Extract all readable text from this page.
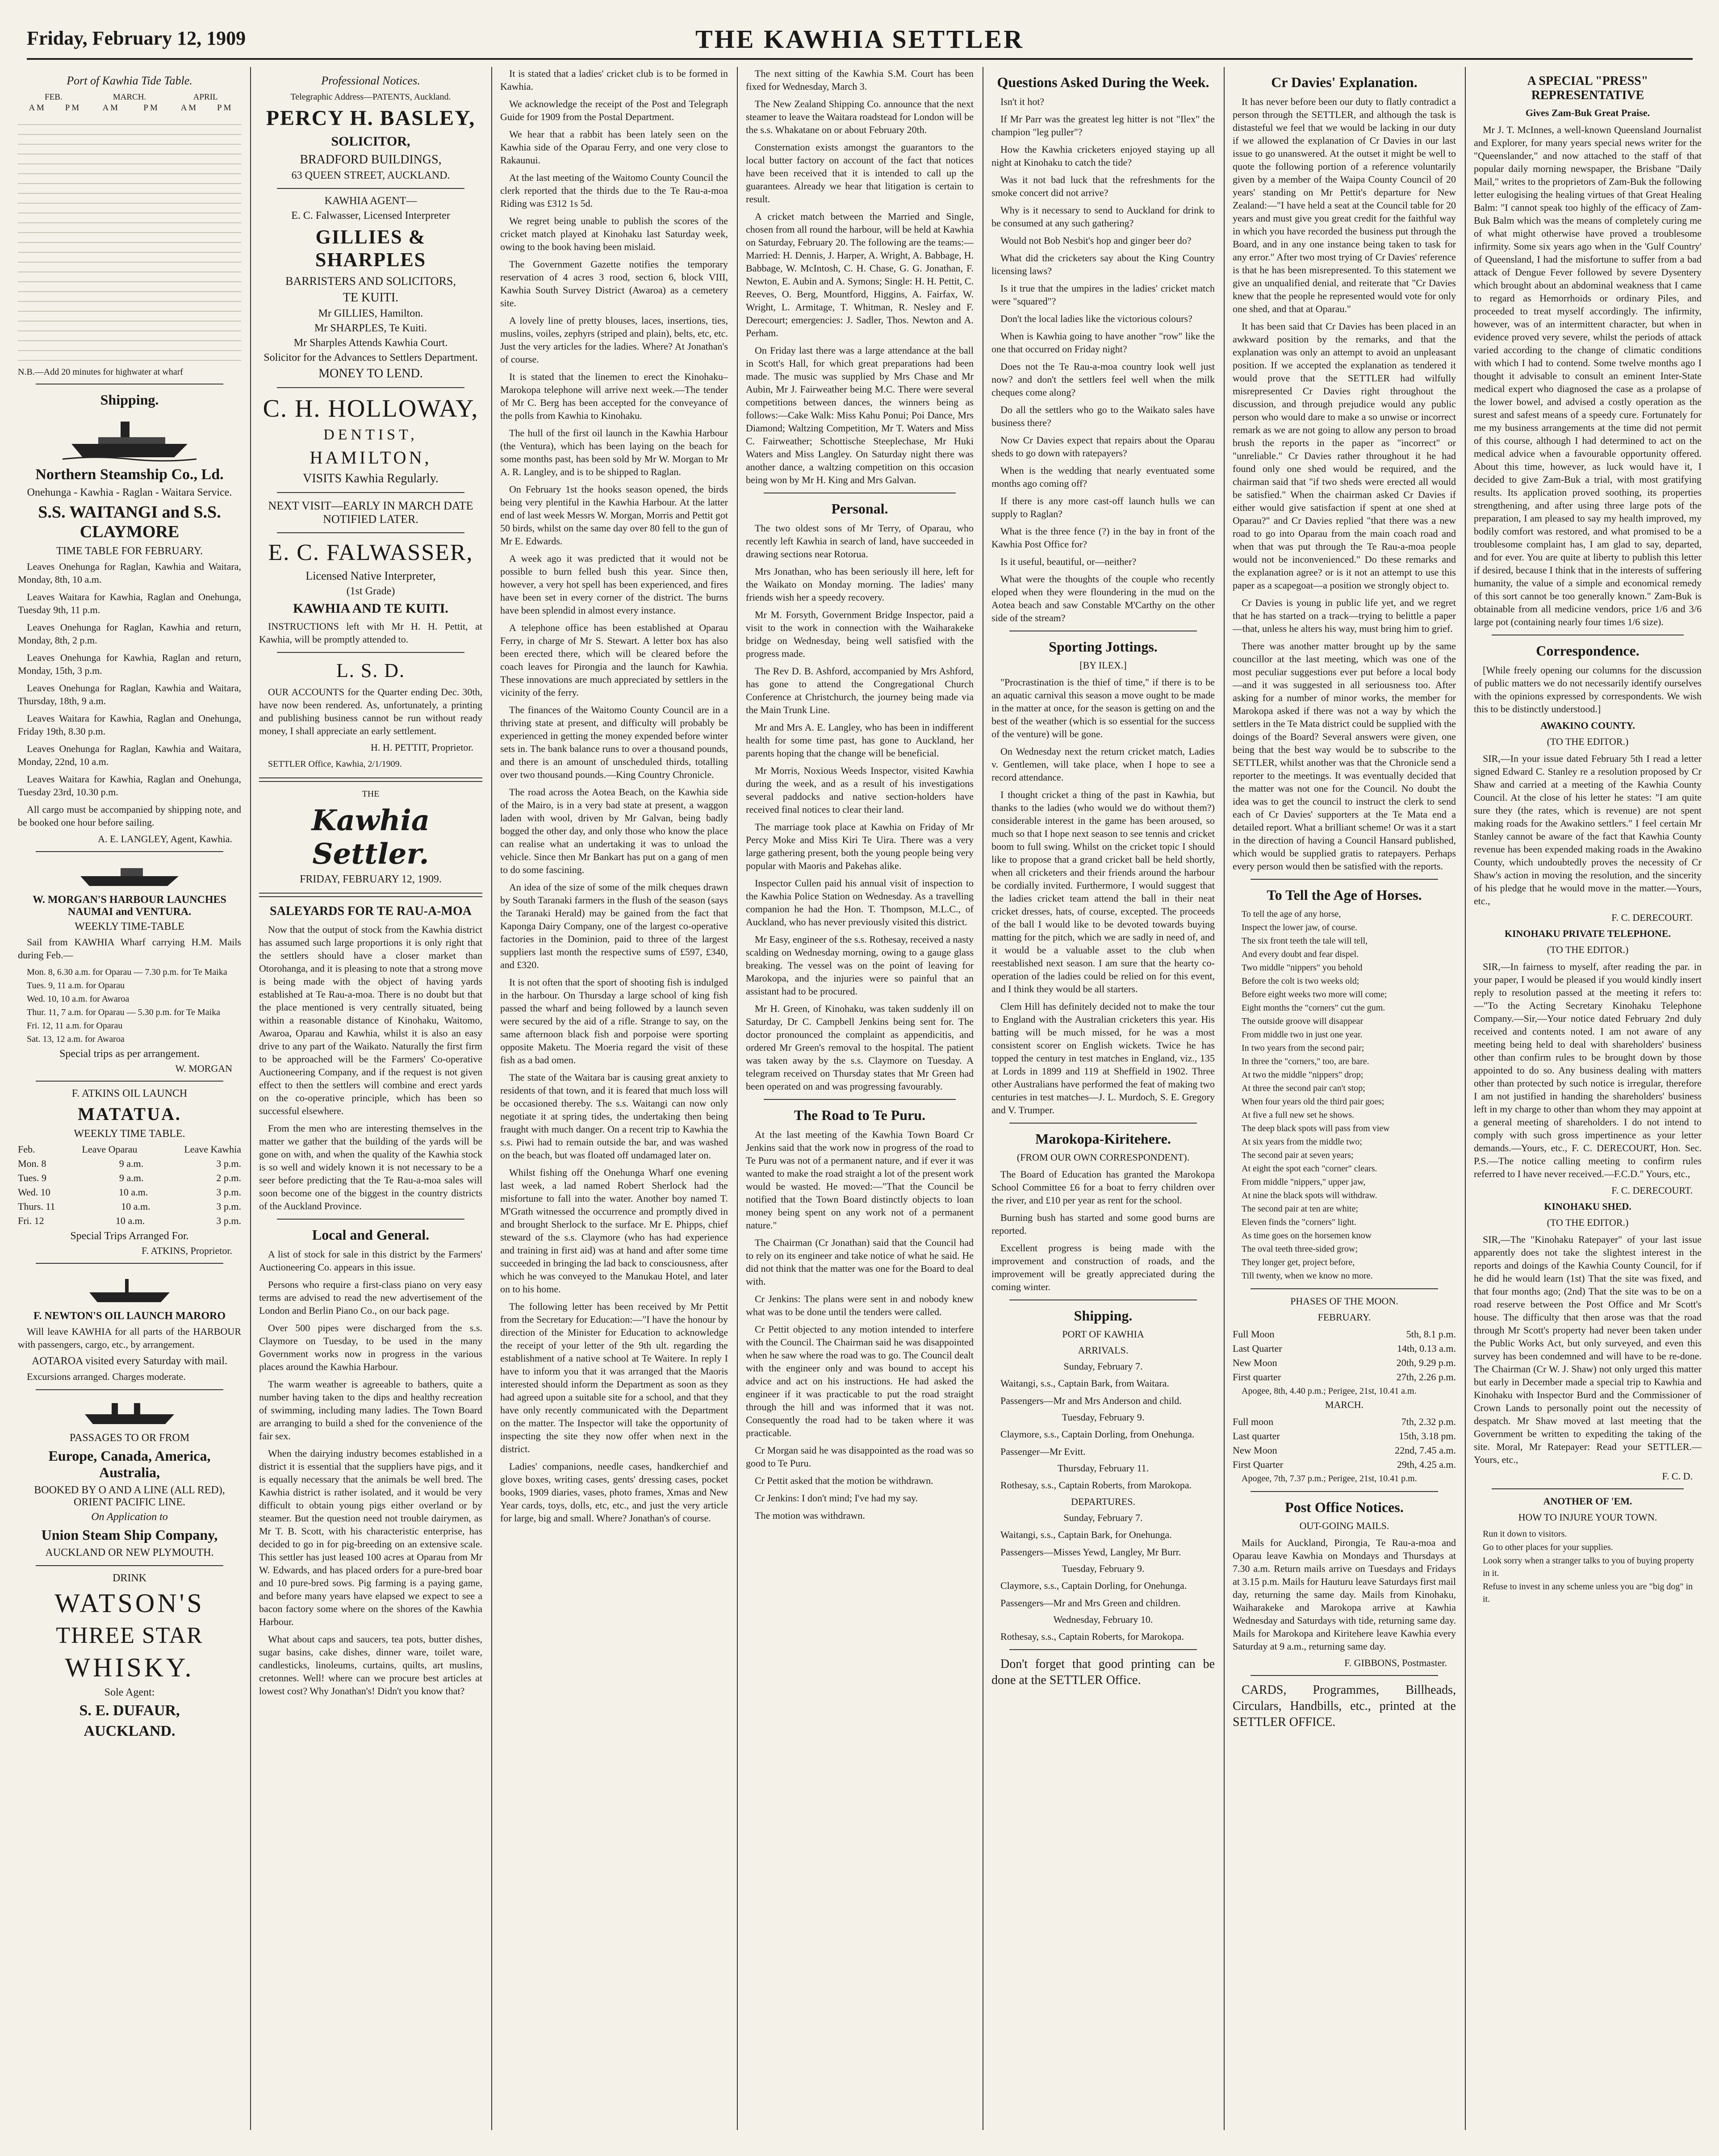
Friday, February 12, 1909	THE KAWHIA SETTLER
Port of Kawhia Tide Table.
FEB.		MARCH.		APRIL	
	A M	P M	A M	P M	A M	P M
N.B.—Add 20 minutes for highwater at wharf
Shipping.
Northern Steamship Co., Ld.
Onehunga - Kawhia - Raglan - Waitara Service.
S.S. WAITANGI and S.S. CLAYMORE
TIME TABLE FOR FEBRUARY.

Leaves Onehunga for Raglan, Kawhia and Waitara, Monday, 8th, 10 a.m.

Leaves Waitara for Kawhia, Raglan and Onehunga, Tuesday 9th, 11 p.m.

Leaves Onehunga for Raglan, Kawhia and return, Monday, 8th, 2 p.m.

Leaves Onehunga for Kawhia, Raglan and return, Monday, 15th, 3 p.m.

Leaves Onehunga for Raglan, Kawhia and Waitara, Thursday, 18th, 9 a.m.

Leaves Waitara for Kawhia, Raglan and Onehunga, Friday 19th, 8.30 p.m.

Leaves Onehunga for Raglan, Kawhia and Waitara, Monday, 22nd, 10 a.m.

Leaves Waitara for Kawhia, Raglan and Onehunga, Tuesday 23rd, 10.30 p.m.

All cargo must be accompanied by shipping note, and be booked one hour before sailing.

A. E. LANGLEY, Agent, Kawhia.
W. MORGAN'S HARBOUR LAUNCHES NAUMAI and VENTURA.
WEEKLY TIME-TABLE

Sail from KAWHIA Wharf carrying H.M. Mails during Feb.—

Mon. 8, 6.30 a.m. for Oparau — 7.30 p.m. for Te Maika
Tues. 9, 11 a.m. for Oparau
Wed. 10, 10 a.m. for Awaroa
Thur. 11, 7 a.m. for Oparau — 5.30 p.m. for Te Maika
Fri. 12, 11 a.m. for Oparau
Sat. 13, 12 a.m. for Awaroa
Special trips as per arrangement.
W. MORGAN
F. ATKINS OIL LAUNCH
MATATUA.
WEEKLY TIME TABLE.
Feb.	Leave Oparau	Leave Kawhia
Mon. 8	9 a.m.	3 p.m.
Tues. 9	9 a.m.	2 p.m.
Wed. 10	10 a.m.	3 p.m.
Thurs. 11	10 a.m.	3 p.m.
Fri. 12	10 a.m.	3 p.m.
Special Trips Arranged For.
F. ATKINS, Proprietor.
F. NEWTON'S OIL LAUNCH MARORO

Will leave KAWHIA for all parts of the HARBOUR with passengers, cargo, etc., by arrangement.

AOTAROA visited every Saturday with mail.

Excursions arranged. Charges moderate.

PASSAGES TO OR FROM
Europe, Canada, America, Australia,
BOOKED BY O AND A LINE (ALL RED), ORIENT PACIFIC LINE.
On Application to
Union Steam Ship Company,
AUCKLAND OR NEW PLYMOUTH.
DRINK
WATSON'S
THREE STAR
WHISKY.
Sole Agent:
S. E. DUFAUR,
AUCKLAND.
Professional Notices.
Telegraphic Address—PATENTS, Auckland.
PERCY H. BASLEY,
SOLICITOR,
BRADFORD BUILDINGS,
63 QUEEN STREET, AUCKLAND.
KAWHIA AGENT—
E. C. Falwasser, Licensed Interpreter
GILLIES & SHARPLES
BARRISTERS AND SOLICITORS,
TE KUITI.
Mr GILLIES, Hamilton.
Mr SHARPLES, Te Kuiti.
Mr Sharples Attends Kawhia Court.
Solicitor for the Advances to Settlers Department.
MONEY TO LEND.
C. H. HOLLOWAY,
DENTIST,
HAMILTON,
VISITS Kawhia Regularly.
NEXT VISIT—EARLY IN MARCH DATE NOTIFIED LATER.
E. C. FALWASSER,
Licensed Native Interpreter,
(1st Grade)
KAWHIA AND TE KUITI.

INSTRUCTIONS left with Mr H. H. Pettit, at Kawhia, will be promptly attended to.

L. S. D.

OUR ACCOUNTS for the Quarter ending Dec. 30th, have now been rendered. As, unfortunately, a printing and publishing business cannot be run without ready money, I shall appreciate an early settlement.

H. H. PETTIT, Proprietor.
SETTLER Office, Kawhia, 2/1/1909.
THE
Kawhia Settler.
FRIDAY, FEBRUARY 12, 1909.
SALEYARDS FOR TE RAU-A-MOA

Now that the output of stock from the Kawhia district has assumed such large proportions it is only right that the settlers should have a closer market than Otorohanga, and it is pleasing to note that a strong move is being made with the object of having yards established at Te Rau-a-moa. There is no doubt but that the place mentioned is very centrally situated, being within a reasonable distance of Kinohaku, Waitomo, Awaroa, Oparau and Kawhia, whilst it is also an easy drive to any part of the Waikato. Naturally the first firm to be approached will be the Farmers' Co-operative Auctioneering Company, and if the request is not given effect to then the settlers will combine and erect yards on the co-operative principle, which has been so successful elsewhere.

From the men who are interesting themselves in the matter we gather that the building of the yards will be gone on with, and when the quality of the Kawhia stock is so well and widely known it is not necessary to be a seer before predicting that the Te Rau-a-moa sales will soon become one of the biggest in the country districts of the Auckland Province.

Local and General.

A list of stock for sale in this district by the Farmers' Auctioneering Co. appears in this issue.

Persons who require a first-class piano on very easy terms are advised to read the new advertisement of the London and Berlin Piano Co., on our back page.

Over 500 pipes were discharged from the s.s. Claymore on Tuesday, to be used in the many Government works now in progress in the various places around the Kawhia Harbour.

The warm weather is agreeable to bathers, quite a number having taken to the dips and healthy recreation of swimming, including many ladies. The Town Board are arranging to build a shed for the convenience of the fair sex.

When the dairying industry becomes established in a district it is essential that the suppliers have pigs, and it is equally necessary that the animals be well bred. The Kawhia district is rather isolated, and it would be very difficult to obtain young pigs either overland or by steamer. But the question need not trouble dairymen, as Mr T. B. Scott, with his characteristic enterprise, has decided to go in for pig-breeding on an extensive scale. This settler has just leased 100 acres at Oparau from Mr W. Edwards, and has placed orders for a pure-bred boar and 10 pure-bred sows. Pig farming is a paying game, and before many years have elapsed we expect to see a bacon factory some where on the shores of the Kawhia Harbour.

What about caps and saucers, tea pots, butter dishes, sugar basins, cake dishes, dinner ware, toilet ware, candlesticks, linoleums, curtains, quilts, art muslins, cretonnes. Well! where can we procure best articles at lowest cost? Why Jonathan's! Didn't you know that?

It is stated that a ladies' cricket club is to be formed in Kawhia.

We acknowledge the receipt of the Post and Telegraph Guide for 1909 from the Postal Department.

We hear that a rabbit has been lately seen on the Kawhia side of the Oparau Ferry, and one very close to Rakaunui.

At the last meeting of the Waitomo County Council the clerk reported that the thirds due to the Te Rau-a-moa Riding was £312 1s 5d.

We regret being unable to publish the scores of the cricket match played at Kinohaku last Saturday week, owing to the book having been mislaid.

The Government Gazette notifies the temporary reservation of 4 acres 3 rood, section 6, block VIII, Kawhia South Survey District (Awaroa) as a cemetery site.

A lovely line of pretty blouses, laces, insertions, ties, muslins, voiles, zephyrs (striped and plain), belts, etc, etc. Just the very articles for the ladies. Where? At Jonathan's of course.

It is stated that the linemen to erect the Kinohaku–Marokopa telephone will arrive next week.—The tender of Mr C. Berg has been accepted for the conveyance of the polls from Kawhia to Kinohaku.

The hull of the first oil launch in the Kawhia Harbour (the Ventura), which has been laying on the beach for some months past, has been sold by Mr W. Morgan to Mr A. R. Langley, and is to be shipped to Raglan.

On February 1st the hooks season opened, the birds being very plentiful in the Kawhia Harbour. At the latter end of last week Messrs W. Morgan, Morris and Pettit got 50 birds, whilst on the same day over 80 fell to the gun of Mr E. Edwards.

A week ago it was predicted that it would not be possible to burn felled bush this year. Since then, however, a very hot spell has been experienced, and fires have been set in every corner of the district. The burns have been splendid in almost every instance.

A telephone office has been established at Oparau Ferry, in charge of Mr S. Stewart. A letter box has also been erected there, which will be cleared before the coach leaves for Pirongia and the launch for Kawhia. These innovations are much appreciated by settlers in the vicinity of the ferry.

The finances of the Waitomo County Council are in a thriving state at present, and difficulty will probably be experienced in getting the money expended before winter sets in. The bank balance runs to over a thousand pounds, and there is an amount of unscheduled thirds, totalling over two thousand pounds.—King Country Chronicle.

The road across the Aotea Beach, on the Kawhia side of the Mairo, is in a very bad state at present, a waggon laden with wool, driven by Mr Galvan, being badly bogged the other day, and only those who know the place can realise what an undertaking it was to unload the vehicle. Since then Mr Bankart has put on a gang of men to do some fascining.

An idea of the size of some of the milk cheques drawn by South Taranaki farmers in the flush of the season (says the Taranaki Herald) may be gained from the fact that Kaponga Dairy Company, one of the largest co-operative factories in the Dominion, paid to three of the largest suppliers last month the respective sums of £597, £340, and £320.

It is not often that the sport of shooting fish is indulged in the harbour. On Thursday a large school of king fish passed the wharf and being followed by a launch seven were secured by the aid of a rifle. Strange to say, on the same afternoon black fish and porpoise were sporting opposite Maketu. The Moeria regard the visit of these fish as a bad omen.

The state of the Waitara bar is causing great anxiety to residents of that town, and it is feared that much loss will be occasioned thereby. The s.s. Waitangi can now only negotiate it at spring tides, the undertaking then being fraught with much danger. On a recent trip to Kawhia the s.s. Piwi had to remain outside the bar, and was washed on the beach, but was floated off undamaged later on.

Whilst fishing off the Onehunga Wharf one evening last week, a lad named Robert Sherlock had the misfortune to fall into the water. Another boy named T. M'Grath witnessed the occurrence and promptly dived in and brought Sherlock to the surface. Mr E. Phipps, chief steward of the s.s. Claymore (who has had experience and training in first aid) was at hand and after some time succeeded in bringing the lad back to consciousness, after which he was conveyed to the Manukau Hotel, and later on to his home.

The following letter has been received by Mr Pettit from the Secretary for Education:—"I have the honour by direction of the Minister for Education to acknowledge the receipt of your letter of the 9th ult. regarding the establishment of a native school at Te Waitere. In reply I have to inform you that it was arranged that the Maoris interested should inform the Department as soon as they had agreed upon a suitable site for a school, and that they have only recently communicated with the Department on the matter. The Inspector will take the opportunity of inspecting the site they now offer when next in the district.

Ladies' companions, needle cases, handkerchief and glove boxes, writing cases, gents' dressing cases, pocket books, 1909 diaries, vases, photo frames, Xmas and New Year cards, toys, dolls, etc, etc., and just the very article for large, big and small. Where? Jonathan's of course.

The next sitting of the Kawhia S.M. Court has been fixed for Wednesday, March 3.

The New Zealand Shipping Co. announce that the next steamer to leave the Waitara roadstead for London will be the s.s. Whakatane on or about February 20th.

Consternation exists amongst the guarantors to the local butter factory on account of the fact that notices have been received that it is intended to call up the guarantees. Already we hear that litigation is certain to result.

A cricket match between the Married and Single, chosen from all round the harbour, will be held at Kawhia on Saturday, February 20. The following are the teams:—Married: H. Dennis, J. Harper, A. Wright, A. Babbage, H. Babbage, W. McIntosh, C. H. Chase, G. G. Jonathan, F. Newton, E. Aubin and A. Symons; Single: H. H. Pettit, C. Reeves, O. Berg, Mountford, Higgins, A. Fairfax, W. Wright, L. Armitage, T. Whitman, R. Nesley and F. Derecourt; emergencies: J. Sadler, Thos. Newton and A. Perham.

On Friday last there was a large attendance at the ball in Scott's Hall, for which great preparations had been made. The music was supplied by Mrs Chase and Mr Aubin, Mr J. Fairweather being M.C. There were several competitions between dances, the winners being as follows:—Cake Walk: Miss Kahu Ponui; Poi Dance, Mrs Diamond; Waltzing Competition, Mr T. Waters and Miss C. Fairweather; Schottische Steeplechase, Mr Huki Waters and Miss Langley. On Saturday night there was another dance, a waltzing competition on this occasion being won by Mr H. King and Mrs Galvan.

Personal.

The two oldest sons of Mr Terry, of Oparau, who recently left Kawhia in search of land, have succeeded in drawing sections near Rotorua.

Mrs Jonathan, who has been seriously ill here, left for the Waikato on Monday morning. The ladies' many friends wish her a speedy recovery.

Mr M. Forsyth, Government Bridge Inspector, paid a visit to the work in connection with the Waiharakeke bridge on Wednesday, being well satisfied with the progress made.

The Rev D. B. Ashford, accompanied by Mrs Ashford, has gone to attend the Congregational Church Conference at Christchurch, the journey being made via the Main Trunk Line.

Mr and Mrs A. E. Langley, who has been in indifferent health for some time past, has gone to Auckland, her parents hoping that the change will be beneficial.

Mr Morris, Noxious Weeds Inspector, visited Kawhia during the week, and as a result of his investigations several paddocks and native section-holders have received final notices to clear their land.

The marriage took place at Kawhia on Friday of Mr Percy Moke and Miss Kiri Te Uira. There was a very large gathering present, both the young people being very popular with Maoris and Pakehas alike.

Inspector Cullen paid his annual visit of inspection to the Kawhia Police Station on Wednesday. As a travelling companion he had the Hon. T. Thompson, M.L.C., of Auckland, who has never previously visited this district.

Mr Easy, engineer of the s.s. Rothesay, received a nasty scalding on Wednesday morning, owing to a gauge glass breaking. The vessel was on the point of leaving for Marokopa, and the injuries were so painful that an assistant had to be procured.

Mr H. Green, of Kinohaku, was taken suddenly ill on Saturday, Dr C. Campbell Jenkins being sent for. The doctor pronounced the complaint as appendicitis, and ordered Mr Green's removal to the hospital. The patient was taken away by the s.s. Claymore on Tuesday. A telegram received on Thursday states that Mr Green had been operated on and was progressing favourably.

The Road to Te Puru.

At the last meeting of the Kawhia Town Board Cr Jenkins said that the work now in progress of the road to Te Puru was not of a permanent nature, and if ever it was wanted to make the road straight a lot of the present work would be wasted. He moved:—"That the Council be notified that the Town Board distinctly objects to loan money being spent on any work not of a permanent nature."

The Chairman (Cr Jonathan) said that the Council had to rely on its engineer and take notice of what he said. He did not think that the matter was one for the Board to deal with.

Cr Jenkins: The plans were sent in and nobody knew what was to be done until the tenders were called.

Cr Pettit objected to any motion intended to interfere with the Council. The Chairman said he was disappointed when he saw where the road was to go. The Council dealt with the engineer only and was bound to accept his advice and act on his instructions. He had asked the engineer if it was practicable to put the road straight through the hill and was informed that it was not. Consequently the road had to be taken where it was practicable.

Cr Morgan said he was disappointed as the road was so good to Te Puru.

Cr Pettit asked that the motion be withdrawn.

Cr Jenkins: I don't mind; I've had my say.

The motion was withdrawn.

Questions Asked During the Week.

Isn't it hot?

If Mr Parr was the greatest leg hitter is not "Ilex" the champion "leg puller"?

How the Kawhia cricketers enjoyed staying up all night at Kinohaku to catch the tide?

Was it not bad luck that the refreshments for the smoke concert did not arrive?

Why is it necessary to send to Auckland for drink to be consumed at any such gathering?

Would not Bob Nesbit's hop and ginger beer do?

What did the cricketers say about the King Country licensing laws?

Is it true that the umpires in the ladies' cricket match were "squared"?

Don't the local ladies like the victorious colours?

When is Kawhia going to have another "row" like the one that occurred on Friday night?

Does not the Te Rau-a-moa country look well just now? and don't the settlers feel well when the milk cheques come along?

Do all the settlers who go to the Waikato sales have business there?

Now Cr Davies expect that repairs about the Oparau sheds to go down with ratepayers?

When is the wedding that nearly eventuated some months ago coming off?

If there is any more cast-off launch hulls we can supply to Raglan?

What is the three fence (?) in the bay in front of the Kawhia Post Office for?

Is it useful, beautiful, or—neither?

What were the thoughts of the couple who recently eloped when they were floundering in the mud on the Aotea beach and saw Constable M'Carthy on the other side of the stream?

Sporting Jottings.
[BY ILEX.]

"Procrastination is the thief of time," if there is to be an aquatic carnival this season a move ought to be made in the matter at once, for the season is getting on and the best of the weather (which is so essential for the success of the venture) will be gone.

On Wednesday next the return cricket match, Ladies v. Gentlemen, will take place, when I hope to see a record attendance.

I thought cricket a thing of the past in Kawhia, but thanks to the ladies (who would we do without them?) considerable interest in the game has been aroused, so much so that I hope next season to see tennis and cricket boom to full swing. Whilst on the cricket topic I should like to propose that a grand cricket ball be held shortly, when all cricketers and their friends around the harbour be cordially invited. Furthermore, I would suggest that the ladies cricket team attend the ball in their neat cricket dresses, hats, of course, excepted. The proceeds of the ball I would like to be devoted towards buying matting for the pitch, which we are sadly in need of, and it would be a valuable asset to the club when reestablished next season. I am sure that the hearty co-operation of the ladies could be relied on for this event, and I think they would be all starters.

Clem Hill has definitely decided not to make the tour to England with the Australian cricketers this year. His batting will be much missed, for he was a most consistent scorer on English wickets. Twice he has topped the century in test matches in England, viz., 135 at Lords in 1899 and 119 at Sheffield in 1902. Three other Australians have performed the feat of making two centuries in test matches—J. L. Murdoch, S. E. Gregory and V. Trumper.

Marokopa-Kiritehere.
(FROM OUR OWN CORRESPONDENT).

The Board of Education has granted the Marokopa School Committee £6 for a boat to ferry children over the river, and £10 per year as rent for the school.

Burning bush has started and some good burns are reported.

Excellent progress is being made with the improvement and construction of roads, and the improvement will be greatly appreciated during the coming winter.

Shipping.
PORT OF KAWHIA
ARRIVALS.
Sunday, February 7.

Waitangi, s.s., Captain Bark, from Waitara.

Passengers—Mr and Mrs Anderson and child.

Tuesday, February 9.

Claymore, s.s., Captain Dorling, from Onehunga.

Passenger—Mr Evitt.

Thursday, February 11.

Rothesay, s.s., Captain Roberts, from Marokopa.

DEPARTURES.
Sunday, February 7.

Waitangi, s.s., Captain Bark, for Onehunga.

Passengers—Misses Yewd, Langley, Mr Burr.

Tuesday, February 9.

Claymore, s.s., Captain Dorling, for Onehunga.

Passengers—Mr and Mrs Green and children.

Wednesday, February 10.

Rothesay, s.s., Captain Roberts, for Marokopa.

Don't forget that good printing can be done at the SETTLER Office.

Cr Davies' Explanation.

It has never before been our duty to flatly contradict a person through the SETTLER, and although the task is distasteful we feel that we would be lacking in our duty if we allowed the explanation of Cr Davies in our last issue to go unanswered. At the outset it might be well to quote the following portion of a reference voluntarily given by a member of the Waipa County Council of 20 years' standing on Mr Pettit's departure for New Zealand:—"I have held a seat at the Council table for 20 years and must give you great credit for the faithful way in which you have recorded the business put through the Board, and in any one instance being taken to task for any error." After two most trying of Cr Davies' reference is that he has been misrepresented. To this statement we give an unqualified denial, and reiterate that "Cr Davies knew that the people he represented would vote for only one shed, and that at Oparau."

It has been said that Cr Davies has been placed in an awkward position by the remarks, and that the explanation was only an attempt to avoid an unpleasant position. If we accepted the explanation as tendered it would prove that the SETTLER had wilfully misrepresented Cr Davies right throughout the discussion, and through prejudice would any public person who would dare to make a so unwise or incorrect remark as we are not going to allow any person to broad brush the reports in the paper as "incorrect" or "unreliable." Cr Davies rather throughout it he had found only one shed would be required, and the chairman said that "if two sheds were erected all would be satisfied." When the chairman asked Cr Davies if either would give satisfaction if spent at one shed at Oparau?" and Cr Davies replied "that there was a new road to go into Oparau from the main coach road and when that was put through the Te Rau-a-moa people would not be inconvenienced." Do these remarks and the explanation agree? or is it not an attempt to use this paper as a scapegoat—a position we strongly object to.

Cr Davies is young in public life yet, and we regret that he has started on a track—trying to belittle a paper—that, unless he alters his way, must bring him to grief.

There was another matter brought up by the same councillor at the last meeting, which was one of the most peculiar suggestions ever put before a local body—and it was suggested in all seriousness too. After asking for a number of minor works, the member for Marokopa asked if there was not a way by which the settlers in the Te Mata district could be supplied with the doings of the Board? Several answers were given, one being that the best way would be to subscribe to the SETTLER, whilst another was that the Chronicle send a reporter to the meetings. It was eventually decided that the matter was not one for the Council. No doubt the idea was to get the council to instruct the clerk to send each of Cr Davies' supporters at the Te Mata end a detailed report. What a brilliant scheme! Or was it a start in the direction of having a Council Hansard published, which would be supplied gratis to ratepayers. Perhaps every person would then be satisfied with the reports.

To Tell the Age of Horses.
To tell the age of any horse,
Inspect the lower jaw, of course.
The six front teeth the tale will tell,
And every doubt and fear dispel.
Two middle "nippers" you behold
Before the colt is two weeks old;
Before eight weeks two more will come;
Eight months the "corners" cut the gum.
The outside groove will disappear
From middle two in just one year.
In two years from the second pair;
In three the "corners," too, are bare.
At two the middle "nippers" drop;
At three the second pair can't stop;
When four years old the third pair goes;
At five a full new set he shows.
The deep black spots will pass from view
At six years from the middle two;
The second pair at seven years;
At eight the spot each "corner" clears.
From middle "nippers," upper jaw,
At nine the black spots will withdraw.
The second pair at ten are white;
Eleven finds the "corners" light.
As time goes on the horsemen know
The oval teeth three-sided grow;
They longer get, project before,
Till twenty, when we know no more.
PHASES OF THE MOON.
FEBRUARY.
Full Moon	5th, 8.1 p.m.
Last Quarter	14th, 0.13 a.m.
New Moon	20th, 9.29 p.m.
First quarter	27th, 2.26 p.m.
Apogee, 8th, 4.40 p.m.; Perigee, 21st, 10.41 a.m.
MARCH.
Full moon	7th, 2.32 p.m.
Last quarter	15th, 3.18 pm.
New Moon	22nd, 7.45 a.m.
First Quarter	29th, 4.25 a.m.
Apogee, 7th, 7.37 p.m.; Perigee, 21st, 10.41 p.m.
Post Office Notices.
OUT-GOING MAILS.

Mails for Auckland, Pirongia, Te Rau-a-moa and Oparau leave Kawhia on Mondays and Thursdays at 7.30 a.m. Return mails arrive on Tuesdays and Fridays at 3.15 p.m. Mails for Hauturu leave Saturdays first mail day, returning the same day. Mails from Kinohaku, Waiharakeke and Marokopa arrive at Kawhia Wednesday and Saturdays with tide, returning same day. Mails for Marokopa and Kiritehere leave Kawhia every Saturday at 9 a.m., returning same day.

F. GIBBONS, Postmaster.

CARDS, Programmes, Billheads, Circulars, Handbills, etc., printed at the SETTLER OFFICE.

A SPECIAL "PRESS" REPRESENTATIVE
Gives Zam-Buk Great Praise.

Mr J. T. McInnes, a well-known Queensland Journalist and Explorer, for many years special news writer for the "Queenslander," and now attached to the staff of that popular daily morning newspaper, the Brisbane "Daily Mail," writes to the proprietors of Zam-Buk the following letter eulogising the healing virtues of that Great Healing Balm: "I cannot speak too highly of the efficacy of Zam-Buk Balm which was the means of completely curing me of what might otherwise have proved a troublesome infirmity. Some six years ago when in the 'Gulf Country' of Queensland, I had the misfortune to suffer from a bad attack of Dengue Fever followed by severe Dysentery which brought about an abdominal weakness that I came to regard as Hemorrhoids or ordinary Piles, and proceeded to treat myself accordingly. The infirmity, however, was of an intermittent character, but when in evidence proved very severe, whilst the periods of attack varied according to the change of climatic conditions with which I had to contend. Some twelve months ago I thought it advisable to consult an eminent Inter-State medical expert who diagnosed the case as a prolapse of the lower bowel, and advised a costly operation as the surest and safest means of a speedy cure. Fortunately for me my business arrangements at the time did not permit of this course, although I had determined to act on the medical advice when a favourable opportunity offered. About this time, however, as luck would have it, I decided to give Zam-Buk a trial, with most gratifying results. Its application proved soothing, its properties strengthening, and after using three large pots of the preparation, I am pleased to say my health improved, my bodily comfort was restored, and what promised to be a troublesome complaint has, I am glad to say, departed, and for ever. You are quite at liberty to publish this letter if desired, because I think that in the interests of suffering humanity, the value of a simple and economical remedy of this sort cannot be too generally known." Zam-Buk is obtainable from all medicine vendors, price 1/6 and 3/6 large pot (containing nearly four times 1/6 size).

Correspondence.

[While freely opening our columns for the discussion of public matters we do not necessarily identify ourselves with the opinions expressed by correspondents. We wish this to be distinctly understood.]

AWAKINO COUNTY.
(TO THE EDITOR.)

SIR,—In your issue dated February 5th I read a letter signed Edward C. Stanley re a resolution proposed by Cr Shaw and carried at a meeting of the Kawhia County Council. At the close of his letter he states: "I am quite sure they (the rates, which is revenue) are not spent making roads for the Awakino settlers." I feel certain Mr Stanley cannot be aware of the fact that Kawhia County revenue has been expended making roads in the Awakino County, which undoubtedly proves the necessity of Cr Shaw's action in moving the resolution, and the sincerity of his pledge that he would move in the matter.—Yours, etc.,

F. C. DERECOURT.
KINOHAKU PRIVATE TELEPHONE.
(TO THE EDITOR.)

SIR,—In fairness to myself, after reading the par. in your paper, I would be pleased if you would kindly insert reply to resolution passed at the meeting it refers to:—"To the Acting Secretary Kinohaku Telephone Company.—Sir,—Your notice dated February 2nd duly received and contents noted. I am not aware of any meeting being held to deal with shareholders' business other than confirm rules to be brought down by those appointed to do so. Any business dealing with matters other than protected by such notice is irregular, therefore I am not justified in handing the shareholders' business left in my charge to other than whom they may appoint at a general meeting of shareholders. I do not intend to comply with such gross impertinence as your letter demands.—Yours, etc., F. C. DERECOURT, Hon. Sec. P.S.—The notice calling meeting to confirm rules referred to I have never received.—F.C.D." Yours, etc.,

F. C. DERECOURT.
KINOHAKU SHED.
(TO THE EDITOR.)

SIR,—The "Kinohaku Ratepayer" of your last issue apparently does not take the slightest interest in the reports and doings of the Kawhia County Council, for if he did he would learn (1st) That the site was fixed, and that four months ago; (2nd) That the site was to be on a road reserve between the Post Office and Mr Scott's house. The difficulty that then arose was that the road through Mr Scott's property had never been taken under the Public Works Act, but only surveyed, and even this survey has been condemned and will have to be re-done. The Chairman (Cr W. J. Shaw) not only urged this matter but early in December made a special trip to Kawhia and Kinohaku with Inspector Burd and the Commissioner of Crown Lands to personally point out the necessity of despatch. Mr Shaw moved at last meeting that the Government be written to expediting the taking of the site. Moral, Mr Ratepayer: Read your SETTLER.—Yours, etc.,

F. C. D.
ANOTHER OF 'EM.
HOW TO INJURE YOUR TOWN.
Run it down to visitors.
Go to other places for your supplies.
Look sorry when a stranger talks to you of buying property in it.
Refuse to invest in any scheme unless you are "big dog" in it.
